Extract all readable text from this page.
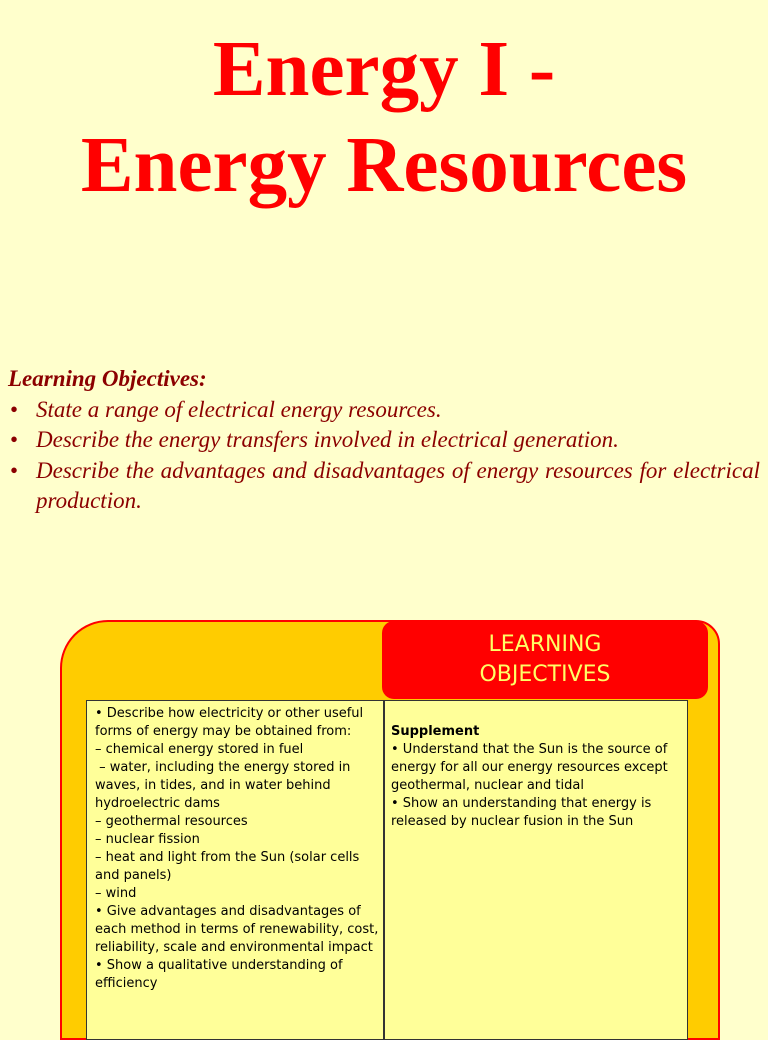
Energy I -
Energy Resources
Learning Objectives:
• State a range of electrical energy resources.
• Describe the energy transfers involved in electrical generation.
• Describe the advantages and disadvantages of energy resources for electrical production.
LEARNING
OBJECTIVES
• Describe how electricity or other useful forms of energy may be obtained from:
– chemical energy stored in fuel
– water, including the energy stored in waves, in tides, and in water behind hydroelectric dams
– geothermal resources
– nuclear fission
– heat and light from the Sun (solar cells and panels)
– wind
• Give advantages and disadvantages of each method in terms of renewability, cost, reliability, scale and environmental impact
• Show a qualitative understanding of efficiency
Supplement
• Understand that the Sun is the source of energy for all our energy resources except geothermal, nuclear and tidal
• Show an understanding that energy is released by nuclear fusion in the Sun
